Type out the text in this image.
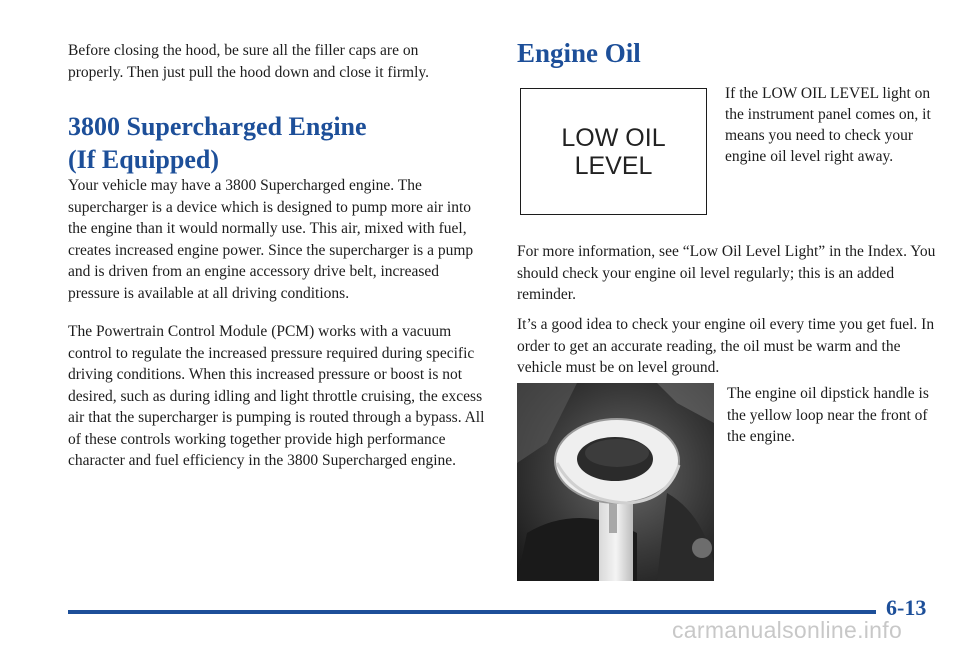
Before closing the hood, be sure all the filler caps are on properly. Then just pull the hood down and close it firmly.

3800 Supercharged Engine
(If Equipped)

Your vehicle may have a 3800 Supercharged engine. The supercharger is a device which is designed to pump more air into the engine than it would normally use. This air, mixed with fuel, creates increased engine power. Since the supercharger is a pump and is driven from an engine accessory drive belt, increased pressure is available at all driving conditions.

The Powertrain Control Module (PCM) works with a vacuum control to regulate the increased pressure required during specific driving conditions. When this increased pressure or boost is not desired, such as during idling and light throttle cruising, the excess air that the supercharger is pumping is routed through a bypass. All of these controls working together provide high performance character and fuel efficiency in the 3800 Supercharged engine.

Engine Oil
LOW OIL
LEVEL

If the LOW OIL LEVEL light on the instrument panel comes on, it means you need to check your engine oil level right away.

For more information, see “Low Oil Level Light” in the Index. You should check your engine oil level regularly; this is an added reminder.

It’s a good idea to check your engine oil every time you get fuel. In order to get an accurate reading, the oil must be warm and the vehicle must be on level ground.

The engine oil dipstick handle is the yellow loop near the front of the engine.

6-13
carmanualsonline.info
